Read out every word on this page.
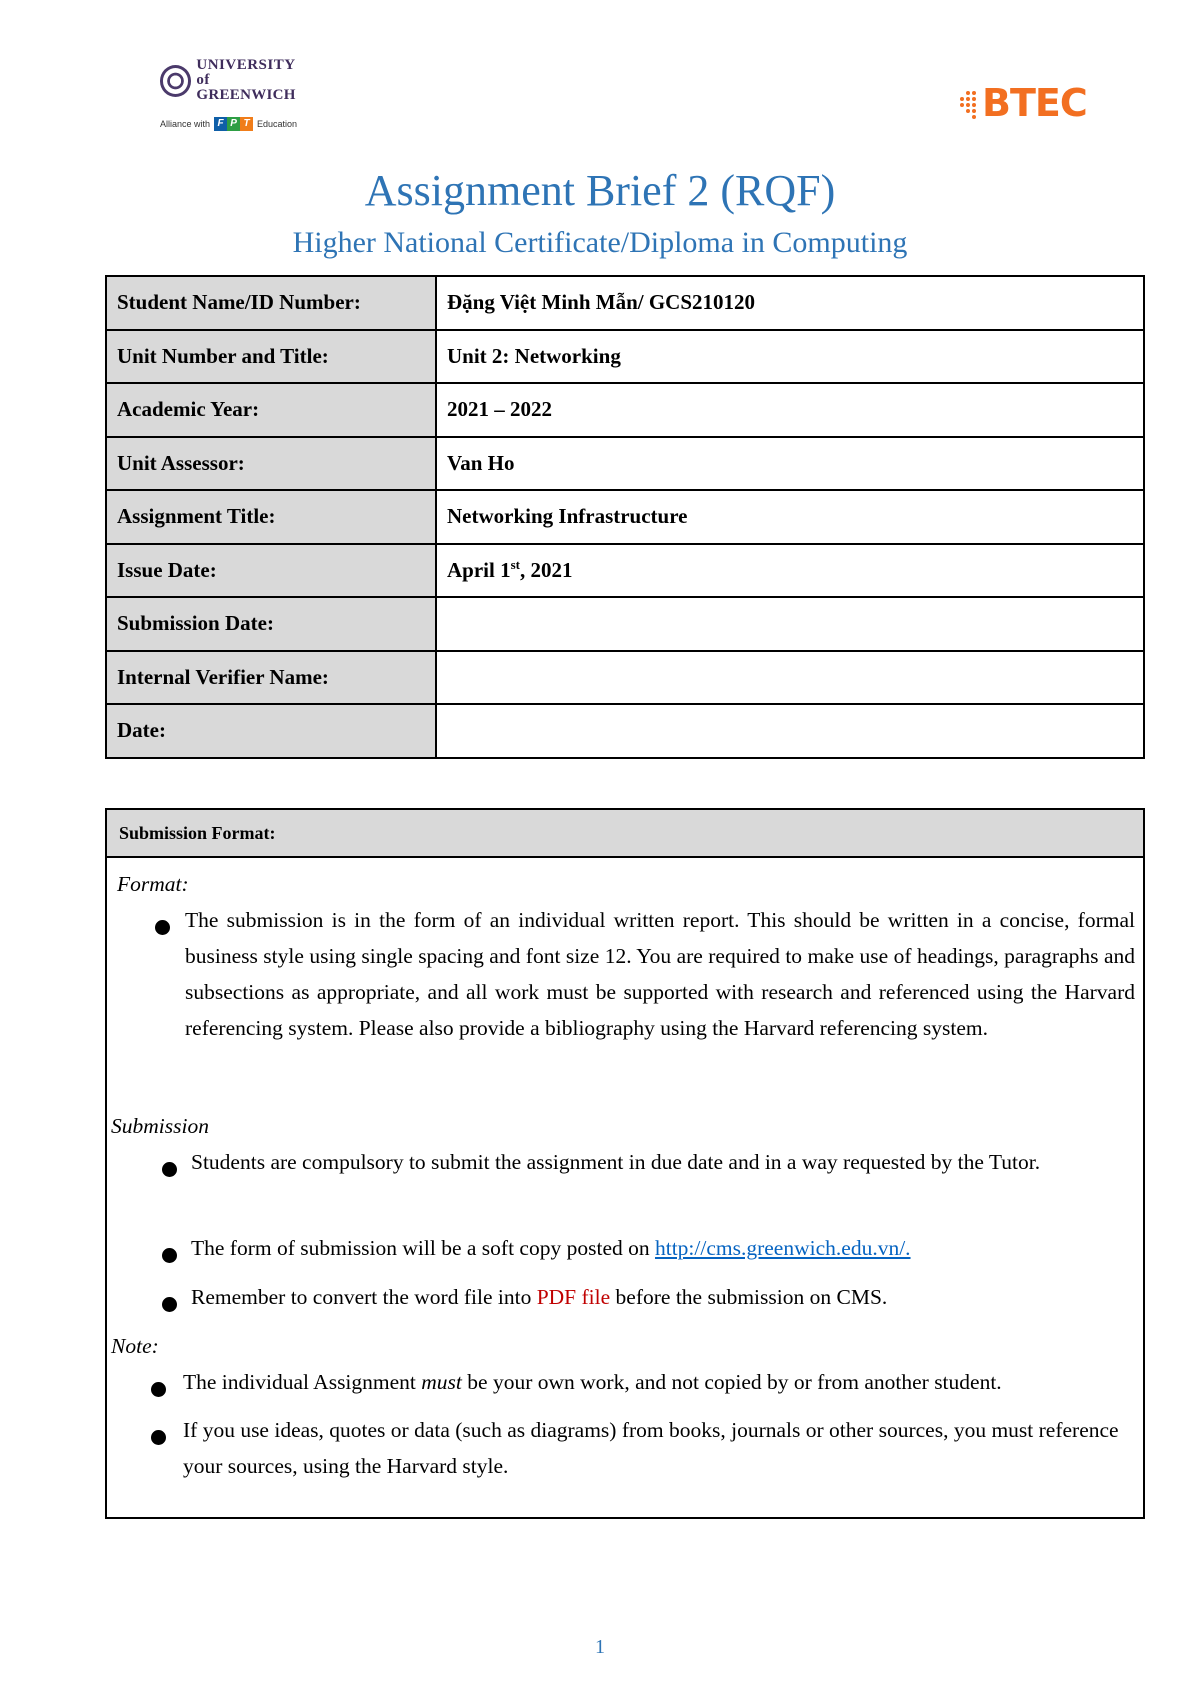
UNIVERSITY of
GREENWICH
Alliance with F P T Education	BTEC
Assignment Brief 2 (RQF)
Higher National Certificate/Diploma in Computing
Student Name/ID Number:	Đặng Việt Minh Mẫn/ GCS210120
Unit Number and Title:	Unit 2: Networking
Academic Year:	2021 – 2022
Unit Assessor:	Van Ho
Assignment Title:	Networking Infrastructure
Issue Date:	April 1st, 2021
Submission Date:	
Internal Verifier Name:	
Date:	
Submission Format:
Format:
The submission is in the form of an individual written report. This should be written in a concise, formal business style using single spacing and font size 12. You are required to make use of headings, paragraphs and subsections as appropriate, and all work must be supported with research and referenced using the Harvard referencing system. Please also provide a bibliography using the Harvard referencing system.
Submission
Students are compulsory to submit the assignment in due date and in a way requested by the Tutor.
The form of submission will be a soft copy posted on http://cms.greenwich.edu.vn/.
Remember to convert the word file into PDF file before the submission on CMS.
Note:
The individual Assignment must be your own work, and not copied by or from another student.
If you use ideas, quotes or data (such as diagrams) from books, journals or other sources, you must reference your sources, using the Harvard style.
1
